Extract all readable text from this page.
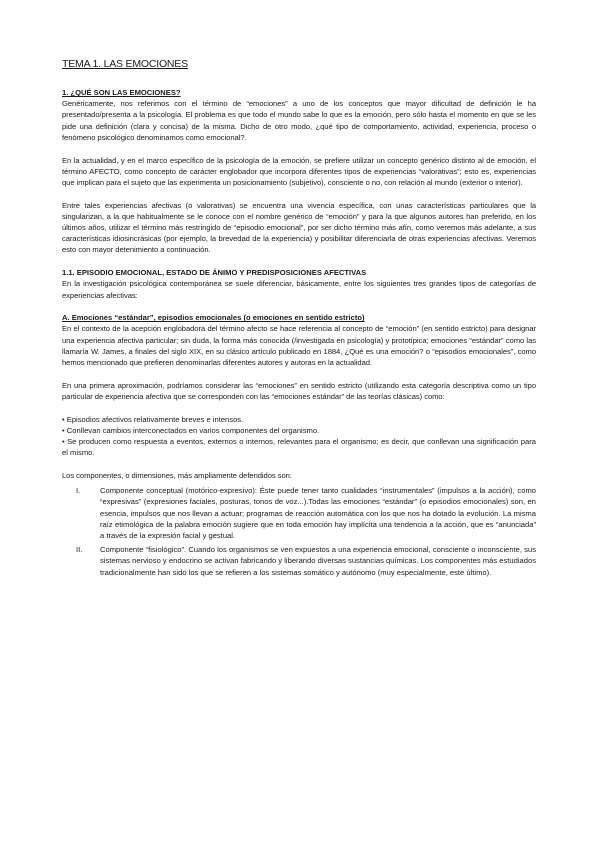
TEMA 1. LAS EMOCIONES
1. ¿QUÉ SON LAS EMOCIONES?

Genéricamente, nos referimos con el término de “emociones” a uno de los conceptos que mayor dificultad de definición le ha presentado/presenta a la psicología. El problema es que todo el mundo sabe lo que es la emoción, pero sólo hasta el momento en que se les pide una definición (clara y concisa) de la misma. Dicho de otro modo, ¿qué tipo de comportamiento, actividad, experiencia, proceso o fenómeno psicológico denominamos como emocional?.

En la actualidad, y en el marco específico de la psicología de la emoción, se prefiere utilizar un concepto genérico distinto al de emoción, el término AFECTO, como concepto de carácter englobador que incorpora diferentes tipos de experiencias “valorativas”; esto es, experiencias que implican para el sujeto que las experimenta un posicionamiento (subjetivo), consciente o no, con relación al mundo (exterior o interior).

Entre tales experiencias afectivas (o valorativas) se encuentra una vivencia específica, con unas características particulares que la singularizan, a la que habitualmente se le conoce con el nombre genérico de “emoción” y para la que algunos autores han preferido, en los últimos años, utilizar el término más restringido de “episodio emocional”, por ser dicho término más afín, como veremos más adelante, a sus características idiosincrásicas (por ejemplo, la brevedad de la experiencia) y posibilitar diferenciarla de otras experiencias afectivas. Veremos esto con mayor detenimiento a continuación.

1.1. EPISODIO EMOCIONAL, ESTADO DE ÁNIMO Y PREDISPOSICIONES AFECTIVAS

En la investigación psicológica contemporánea se suele diferenciar, básicamente, entre los siguientes tres grandes tipos de categorías de experiencias afectivas:

A. Emociones “estándar”, episodios emocionales (o emociones en sentido estricto)

En el contexto de la acepción englobadora del término afecto se hace referencia al concepto de “emoción” (en sentido estricto) para designar una experiencia afectiva particular; sin duda, la forma más conocida (/investigada en psicología) y prototípica; emociones “estándar” como las llamaría W. James, a finales del siglo XIX, en su clásico artículo publicado en 1884, ¿Qué es una emoción? o “episodios emocionales”, como hemos mencionado que prefieren denominarlas diferentes autores y autoras en la actualidad.

En una primera aproximación, podríamos considerar las “emociones” en sentido estricto (utilizando esta categoría descriptiva como un tipo particular de experiencia afectiva que se corresponden con las “emociones estándar” de las teorías clásicas) como:

• Episodios afectivos relativamente breves e intensos.
• Conllevan cambios interconectados en varios componentes del organismo.
• Se producen como respuesta a eventos, externos o internos, relevantes para el organismo; es decir, que conllevan una significación para el mismo.

Los componentes, o dimensiones, más ampliamente defendidos son:

I.	Componente conceptual (motórico-expresivo): Éste puede tener tanto cualidades “instrumentales” (impulsos a la acción), como “expresivas” (expresiones faciales, posturas, tonos de voz...).Todas las emociones “estándar” (o episodios emocionales) son, en esencia, impulsos que nos llevan a actuar; programas de reacción automática con los que nos ha dotado la evolución. La misma raíz etimológica de la palabra emoción sugiere que en toda emoción hay implícita una tendencia a la acción, que es “anunciada” a través de la expresión facial y gestual.
II. Componente “fisiológico”. Cuando los organismos se ven expuestos a una experiencia emocional, consciente o inconsciente, sus sistemas nervioso y endocrino se activan fabricando y liberando diversas sustancias químicas. Los componentes más estudiados tradicionalmente han sido los que se refieren a los sistemas somático y autónomo (muy especialmente, este último).
